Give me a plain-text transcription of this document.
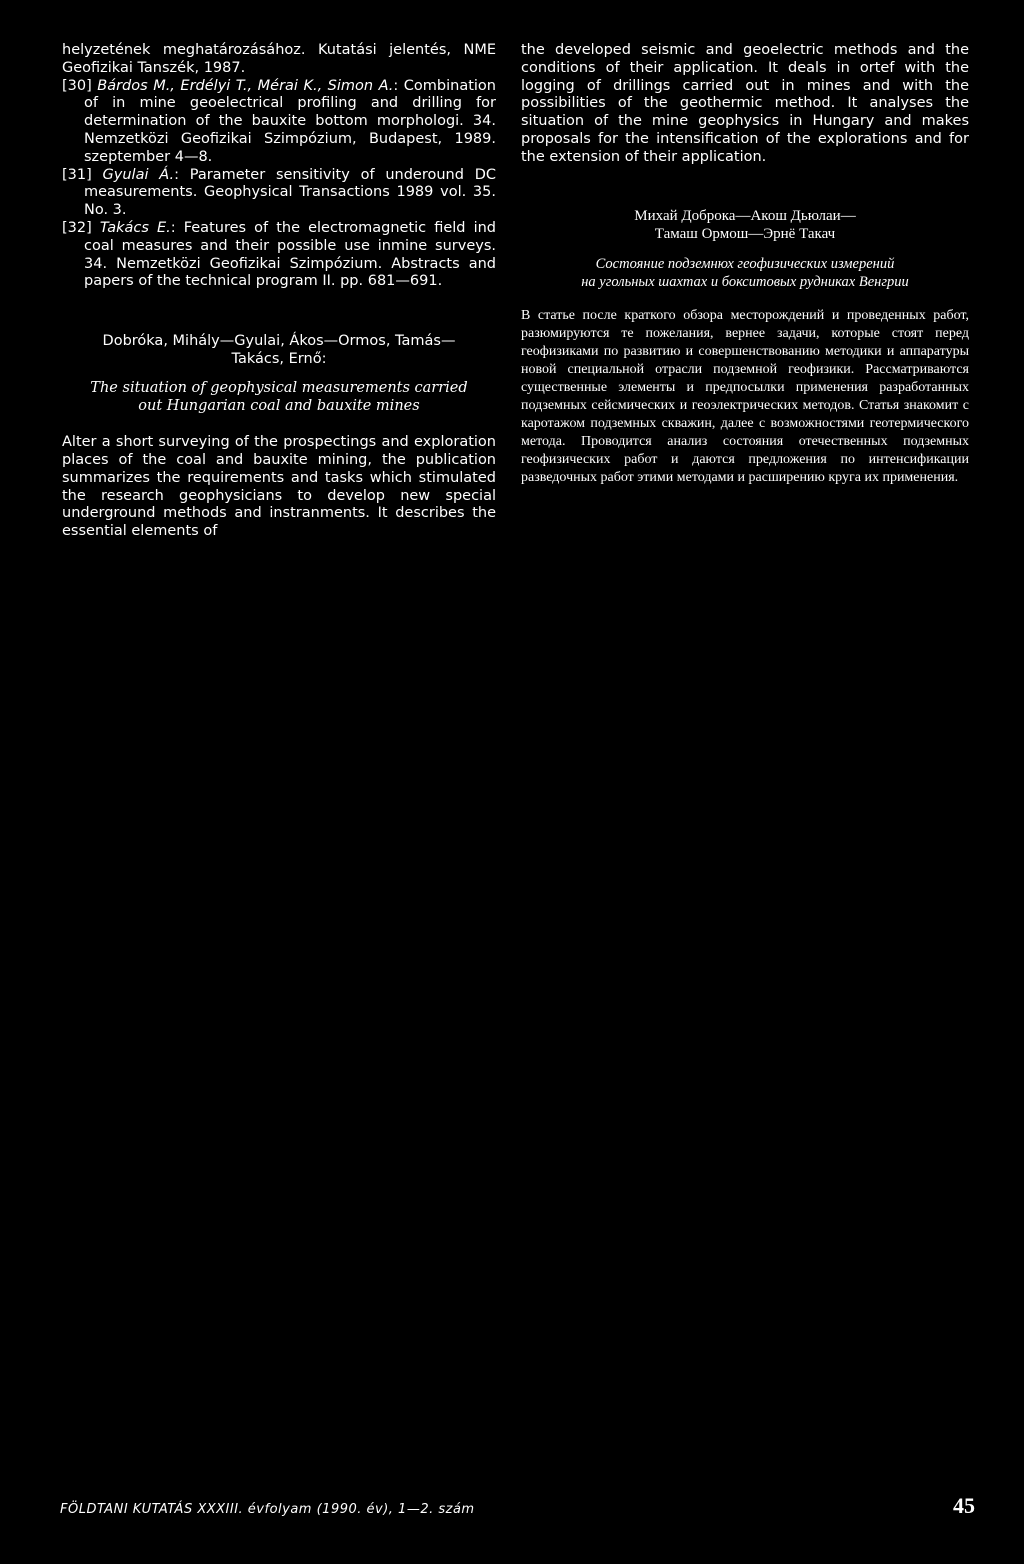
helyzetének meghatározásához. Kutatási jelentés, NME Geofizikai Tanszék, 1987.

[30] Bárdos M., Erdélyi T., Mérai K., Simon A.: Combination of in mine geoelectrical profiling and drilling for determination of the bauxite bottom morphologi. 34. Nemzetközi Geofizikai Szimpózium, Budapest, 1989. szeptember 4—8.

[31] Gyulai Á.: Parameter sensitivity of underound DC measurements. Geophysical Transactions 1989 vol. 35. No. 3.

[32] Takács E.: Features of the electromagnetic field ind coal measures and their possible use inmine surveys. 34. Nemzetközi Geofizikai Szimpózium. Abstracts and papers of the technical program II. pp. 681—691.

Dobróka, Mihály—Gyulai, Ákos—Ormos, Tamás—
Takács, Ernő:
The situation of geophysical measurements carried
out Hungarian coal and bauxite mines

Alter a short surveying of the prospectings and exploration places of the coal and bauxite mining, the publication summarizes the requirements and tasks which stimulated the research geophysicians to develop new special underground methods and instranments. It describes the essential elements of

the developed seismic and geoelectric methods and the conditions of their application. It deals in ortef with the logging of drillings carried out in mines and with the possibilities of the geothermic method. It analyses the situation of the mine geophysics in Hungary and makes proposals for the intensification of the explorations and for the extension of their application.

Михай Доброка—Акош Дьюлаи—
Тамаш Ормош—Эрнё Такач
Состояние подземнюх геофизических измерений
на угольных шахтах и бокситовых рудниках Венгрии

В статье после краткого обзора месторождений и проведенных работ, разюмируются те пожелания, вернее задачи, которые стоят перед геофизиками по развитию и совершенствованию методики и аппаратуры новой специальной отрасли подземной геофизики. Рассматриваются существенные элементы и предпосылки применения разработанных подземных сейсмических и геоэлектрических методов. Статья знакомит с каротажом подземных скважин, далее с возможностями геотермического метода. Проводится анализ состояния отечественных подземных геофизических работ и даются предложения по интенсификации разведочных работ этими методами и расширению круга их применения.

FÖLDTANI KUTATÁS XXXIII. évfolyam (1990. év), 1—2. szám	45
